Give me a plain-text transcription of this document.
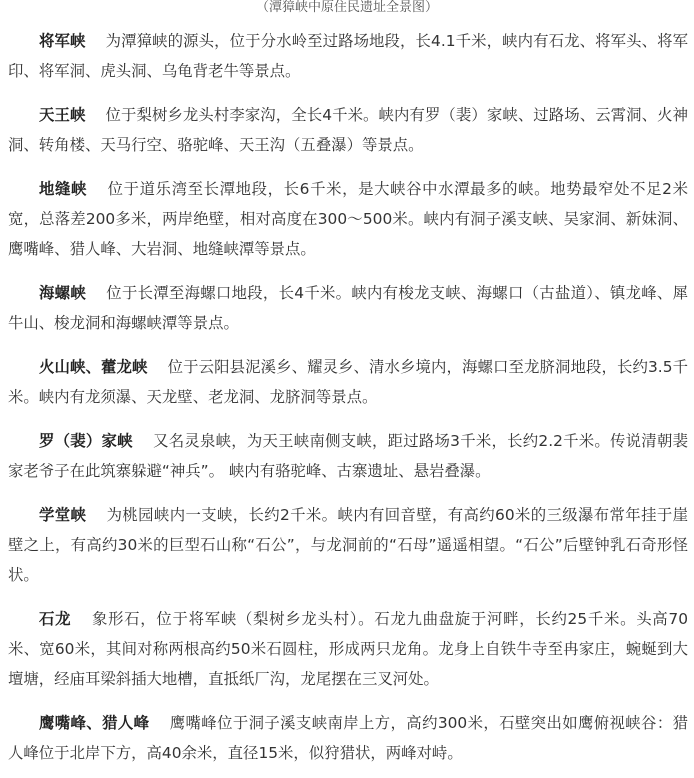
（潭獐峡中原住民遗址全景图）

将军峡 为潭獐峡的源头，位于分水岭至过路场地段，长4.1千米，峡内有石龙、将军头、将军印、将军洞、虎头洞、乌龟背老牛等景点。

天王峡 位于梨树乡龙头村李家沟，全长4千米。峡内有罗（裴）家峡、过路场、云霄洞、火神洞、转角楼、天马行空、骆驼峰、天王沟（五叠瀑）等景点。

地缝峡 位于道乐湾至长潭地段，长6千米，是大峡谷中水潭最多的峡。地势最窄处不足2米宽，总落差200多米，两岸绝壁，相对高度在300～500米。峡内有洞子溪支峡、吴家洞、新妹洞、鹰嘴峰、猎人峰、大岩洞、地缝峡潭等景点。

海螺峡 位于长潭至海螺口地段，长4千米。峡内有梭龙支峡、海螺口（古盐道）、镇龙峰、犀牛山、梭龙洞和海螺峡潭等景点。

火山峡、藿龙峡 位于云阳县泥溪乡、耀灵乡、清水乡境内，海螺口至龙脐洞地段，长约3.5千米。峡内有龙须瀑、天龙壁、老龙洞、龙脐洞等景点。

罗（裴）家峡 又名灵泉峡，为天王峡南侧支峡，距过路场3千米，长约2.2千米。传说清朝裴家老爷子在此筑寨躲避“神兵”。 峡内有骆驼峰、古寨遗址、悬岩叠瀑。

学堂峡 为桃园峡内一支峡，长约2千米。峡内有回音壁，有高约60米的三级瀑布常年挂于崖壁之上，有高约30米的巨型石山称“石公”，与龙洞前的“石母”遥遥相望。“石公”后壁钟乳石奇形怪状。

石龙 象形石，位于将军峡（梨树乡龙头村）。石龙九曲盘旋于河畔，长约25千米。头高70米、宽60米，其间对称两根高约50米石圆柱，形成两只龙角。龙身上自铁牛寺至冉家庄，蜿蜒到大壇塘，经庙耳梁斜插大地槽，直抵纸厂沟，龙尾摆在三叉河处。

鹰嘴峰、猎人峰 鹰嘴峰位于洞子溪支峡南岸上方，高约300米，石壁突出如鹰俯视峡谷：猎人峰位于北岸下方，高40余米，直径15米，似狩猎状，两峰对峙。
